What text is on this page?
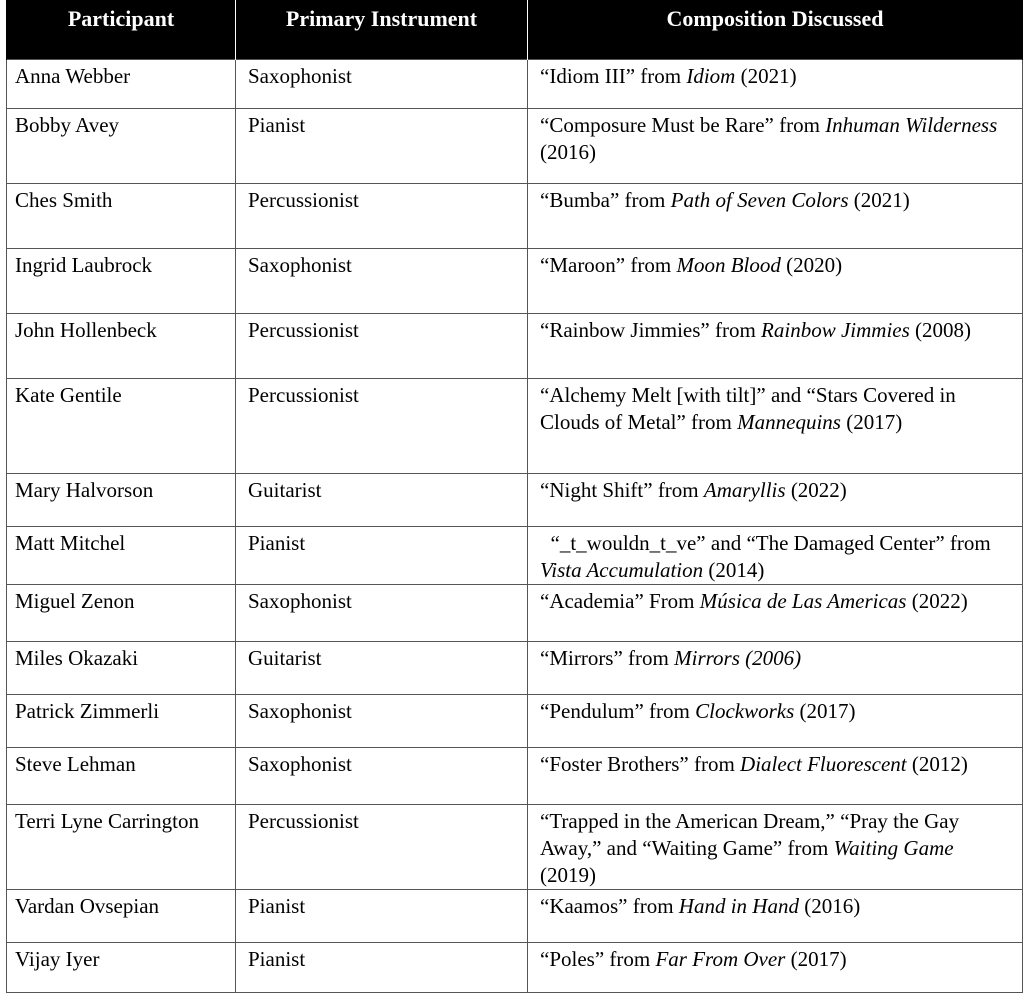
Participant	Primary Instrument	Composition Discussed
Anna Webber	Saxophonist	“Idiom III” from Idiom (2021)
Bobby Avey	Pianist	“Composure Must be Rare” from Inhuman Wilderness (2016)
Ches Smith	Percussionist	“Bumba” from Path of Seven Colors (2021)
Ingrid Laubrock	Saxophonist	“Maroon” from Moon Blood (2020)
John Hollenbeck	Percussionist	“Rainbow Jimmies” from Rainbow Jimmies (2008)
Kate Gentile	Percussionist	“Alchemy Melt [with tilt]” and “Stars Covered in Clouds of Metal” from Mannequins (2017)
Mary Halvorson	Guitarist	“Night Shift” from Amaryllis (2022)
Matt Mitchel	Pianist	“_t_wouldn_t_ve” and “The Damaged Center” from Vista Accumulation (2014)
Miguel Zenon	Saxophonist	“Academia” From Música de Las Americas (2022)
Miles Okazaki	Guitarist	“Mirrors” from Mirrors (2006)
Patrick Zimmerli	Saxophonist	“Pendulum” from Clockworks (2017)
Steve Lehman	Saxophonist	“Foster Brothers” from Dialect Fluorescent (2012)
Terri Lyne Carrington	Percussionist	“Trapped in the American Dream,” “Pray the Gay Away,” and “Waiting Game” from Waiting Game (2019)
Vardan Ovsepian	Pianist	“Kaamos” from Hand in Hand (2016)
Vijay Iyer	Pianist	“Poles” from Far From Over (2017)
